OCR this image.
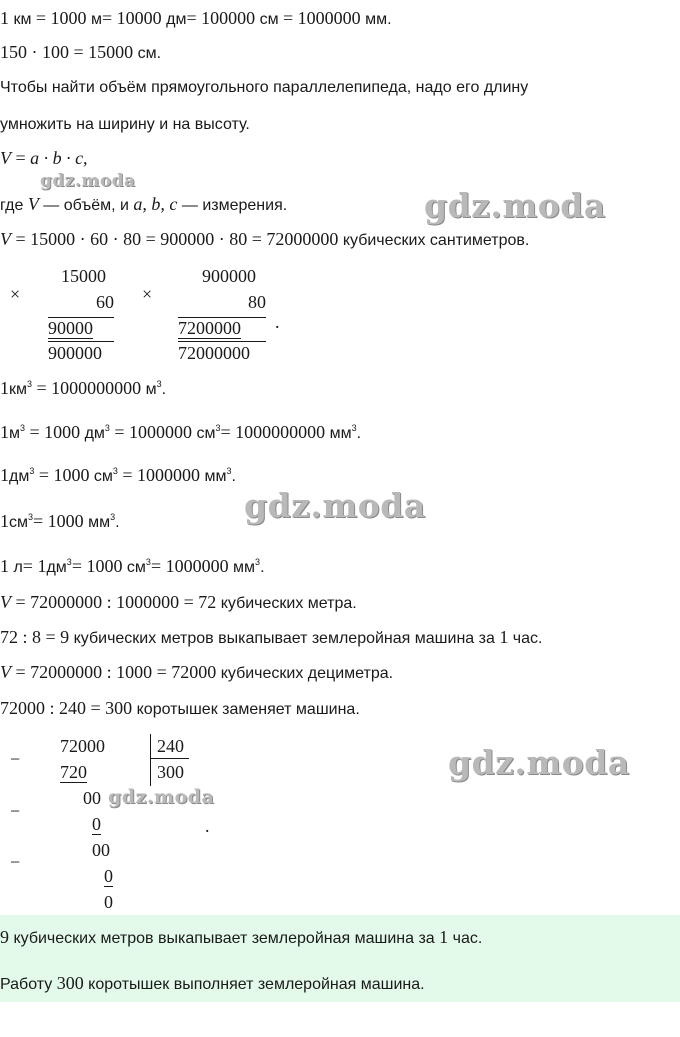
1 км = 1000 м= 10000 дм= 100000 см = 1000000 мм.
150 · 100 = 15000 см.
Чтобы найти объём прямоугольного параллелепипеда, надо его длину
умножить на ширину и на высоту.
V = a · b · c,
gdz.moda
где V — объём, и a, b, c — измерения.	gdz.moda
V = 15000 · 60 · 80 = 900000 · 80 = 72000000 кубических сантиметров.
×
15000
60
90000
900000
×
900000
80
7200000
72000000
.
$1км^3 = 1000000000$ $м^3$.
$1м^3 = 1000$ $дм^3 = 1000000$ $см^3= 1000000000$ $мм^3$.
$1дм^3 = 1000$ $см^3 = 1000000$ $мм^3$.
gdz.moda
$1см^3= 1000$ $мм^3$.
1 $л= 1дм^3= 1000$ $см^3= 1000000$ $мм^3$.
V = 72000000 : 1000000 = 72 кубических метра.
72 : 8 = 9 кубических метров выкапывает землеройная машина за 1 час.
V = 72000000 : 1000 = 72000 кубических дециметра.
72000 : 240 = 300 коротышек заменяет машина.
−
−
−
72000
720
240
300
00
0
00
0
0
.
gdz.moda
gdz.moda
9 кубических метров выкапывает землеройная машина за 1 час.
Работу 300 коротышек выполняет землеройная машина.
